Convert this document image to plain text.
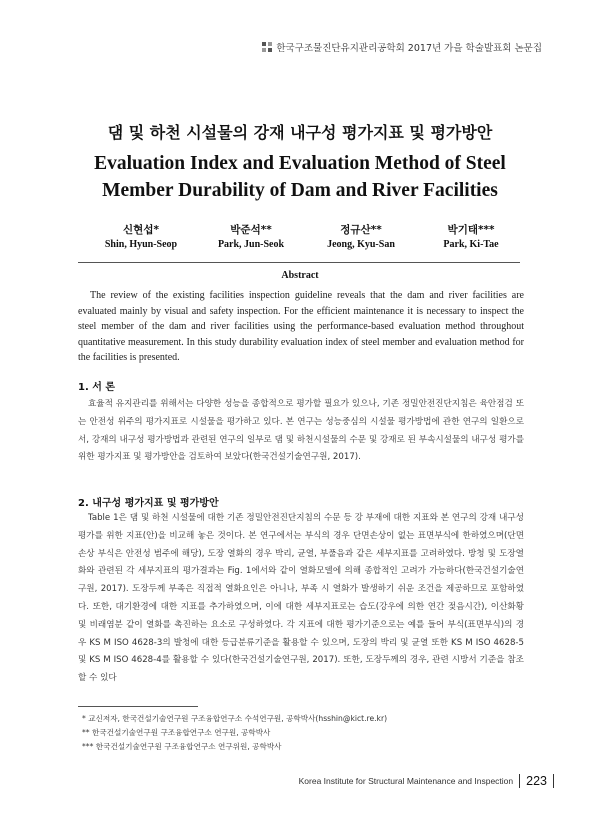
한국구조물진단유지관리공학회 2017년 가을 학술발표회 논문집
댐 및 하천 시설물의 강재 내구성 평가지표 및 평가방안
Evaluation Index and Evaluation Method of Steel Member Durability of Dam and River Facilities
신현섭*
Shin, Hyun-Seop
박준석**
Park, Jun-Seok
정규산**
Jeong, Kyu-San
박기태***
Park, Ki-Tae
Abstract
The review of the existing facilities inspection guideline reveals that the dam and river facilities are evaluated mainly by visual and safety inspection. For the efficient maintenance it is necessary to inspect the steel member of the dam and river facilities using the performance-based evaluation method throughout quantitative measurement. In this study durability evaluation index of steel member and evaluation method for the facilities is presented.
1. 서 론
효율적 유지관리를 위해서는 다양한 성능을 종합적으로 평가할 필요가 있으나, 기존 정밀안전진단지침은 육안점검 또는 안전성 위주의 평가지표로 시설물을 평가하고 있다. 본 연구는 성능중심의 시설물 평가방법에 관한 연구의 일환으로서, 강재의 내구성 평가방법과 관련된 연구의 일부로 댐 및 하천시설물의 수문 및 강재로 된 부속시설물의 내구성 평가를 위한 평가지표 및 평가방안을 검토하여 보았다(한국건설기술연구원, 2017).
2. 내구성 평가지표 및 평가방안
Table 1은 댐 및 하천 시설물에 대한 기존 정밀안전진단지침의 수문 등 강 부재에 대한 지표와 본 연구의 강재 내구성 평가를 위한 지표(안)을 비교해 놓은 것이다. 본 연구에서는 부식의 경우 단면손상이 없는 표면부식에 한하였으며(단면손상 부식은 안전성 범주에 해당), 도장 열화의 경우 박리, 균열, 부풀음과 같은 세부지표를 고려하였다. 방청 및 도장열화와 관련된 각 세부지표의 평가결과는 Fig. 1에서와 같이 열화모델에 의해 종합적인 고려가 가능하다(한국건설기술연구원, 2017). 도장두께 부족은 직접적 열화요인은 아니나, 부족 시 열화가 발생하기 쉬운 조건을 제공하므로 포함하였다. 또한, 대기환경에 대한 지표를 추가하였으며, 이에 대한 세부지표로는 습도(강우에 의한 연간 젖음시간), 이산화황 및 비래염분 같이 열화를 촉진하는 요소로 구성하였다. 각 지표에 대한 평가기준으로는 예를 들어 부식(표면부식)의 경우 KS M ISO 4628-3의 발청에 대한 등급분류기준을 활용할 수 있으며, 도장의 박리 및 균열 또한 KS M ISO 4628-5 및 KS M ISO 4628-4를 활용할 수 있다(한국건설기술연구원, 2017). 또한, 도장두께의 경우, 관련 시방서 기준을 참조할 수 있다
* 교신저자, 한국건설기술연구원 구조융합연구소 수석연구원, 공학박사(hsshin@kict.re.kr)
** 한국건설기술연구원 구조융합연구소 연구원, 공학박사
*** 한국건설기술연구원 구조융합연구소 연구위원, 공학박사
Korea Institute for Structural Maintenance and Inspection 223
